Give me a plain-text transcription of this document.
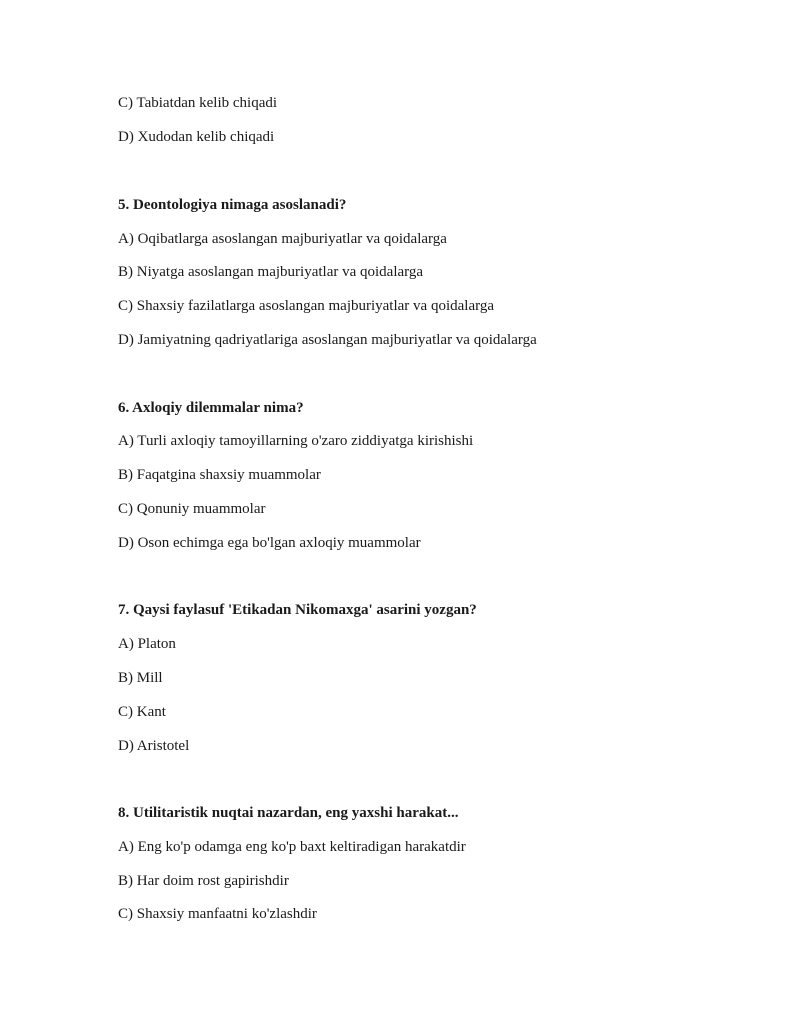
C) Tabiatdan kelib chiqadi
D) Xudodan kelib chiqadi
5. Deontologiya nimaga asoslanadi?
A) Oqibatlarga asoslangan majburiyatlar va qoidalarga
B) Niyatga asoslangan majburiyatlar va qoidalarga
C) Shaxsiy fazilatlarga asoslangan majburiyatlar va qoidalarga
D) Jamiyatning qadriyatlariga asoslangan majburiyatlar va qoidalarga
6. Axloqiy dilemmalar nima?
A) Turli axloqiy tamoyillarning o'zaro ziddiyatga kirishishi
B) Faqatgina shaxsiy muammolar
C) Qonuniy muammolar
D) Oson echimga ega bo'lgan axloqiy muammolar
7. Qaysi faylasuf 'Etikadan Nikomaxga' asarini yozgan?
A) Platon
B) Mill
C) Kant
D) Aristotel
8. Utilitaristik nuqtai nazardan, eng yaxshi harakat...
A) Eng ko'p odamga eng ko'p baxt keltiradigan harakatdir
B) Har doim rost gapirishdir
C) Shaxsiy manfaatni ko'zlashdir
